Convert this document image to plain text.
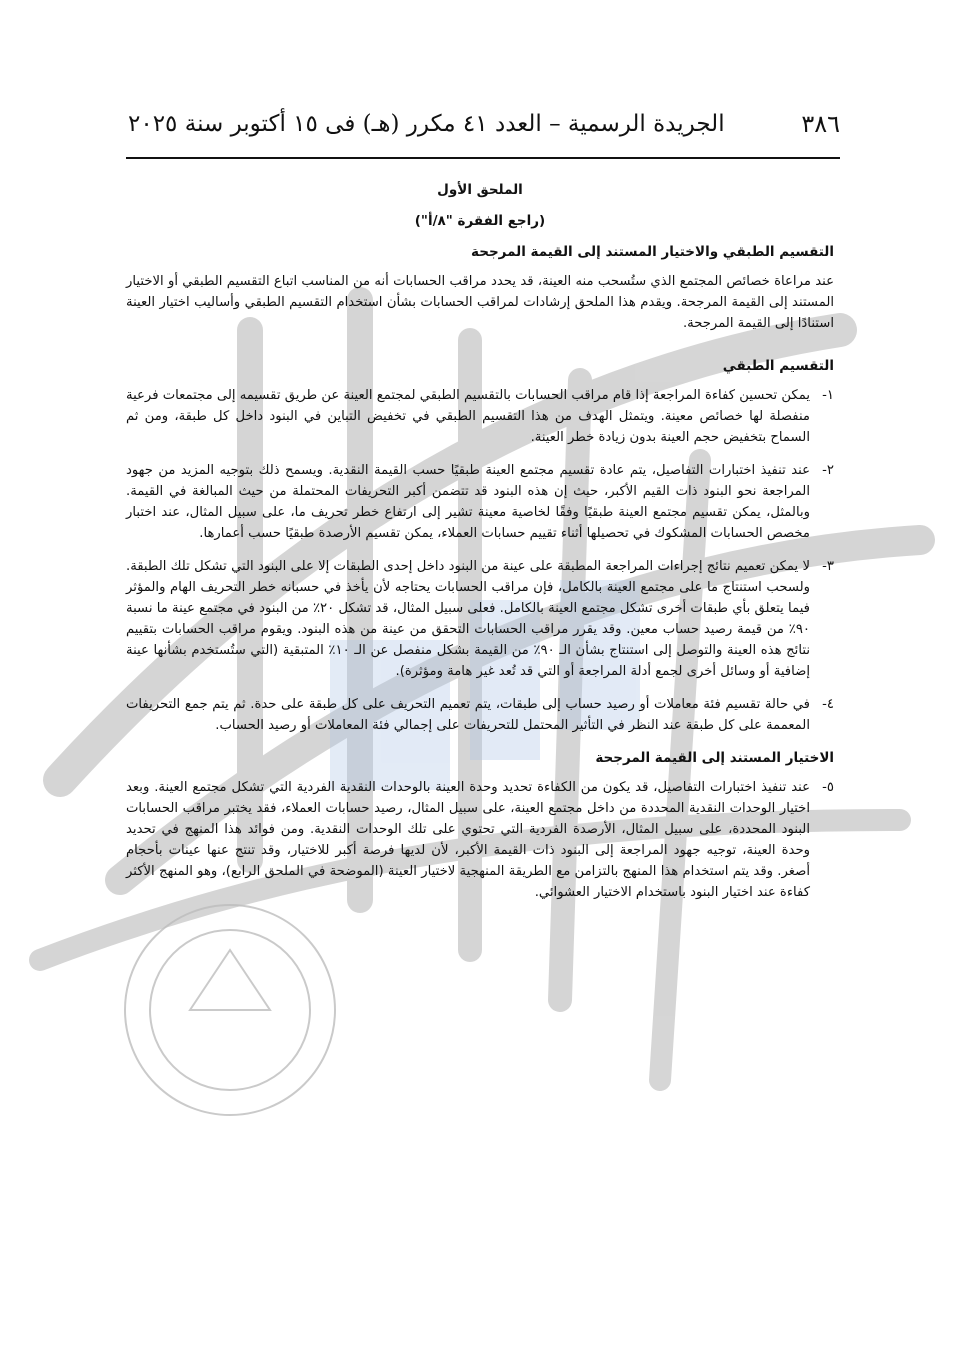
٣٨٦
الجريدة الرسمية – العدد ٤١ مكرر (هـ) فى ١٥ أكتوبر سنة ٢٠٢٥
الملحق الأول
(راجع الفقرة "٨/أ")
التقسيم الطبقي والاختيار المستند إلى القيمة المرجحة

عند مراعاة خصائص المجتمع الذي ستُسحب منه العينة، قد يحدد مراقب الحسابات أنه من المناسب اتباع التقسيم الطبقي أو الاختيار المستند إلى القيمة المرجحة. ويقدم هذا الملحق إرشادات لمراقب الحسابات بشأن استخدام التقسيم الطبقي وأساليب اختيار العينة استنادًا إلى القيمة المرجحة.

التقسيم الطبقي
١-
يمكن تحسين كفاءة المراجعة إذا قام مراقب الحسابات بالتقسيم الطبقي لمجتمع العينة عن طريق تقسيمه إلى مجتمعات فرعية منفصلة لها خصائص معينة. ويتمثل الهدف من هذا التقسيم الطبقي في تخفيض التباين في البنود داخل كل طبقة، ومن ثم السماح بتخفيض حجم العينة بدون زيادة خطر العينة.
٢-
عند تنفيذ اختبارات التفاصيل، يتم عادة تقسيم مجتمع العينة طبقيًا حسب القيمة النقدية. ويسمح ذلك بتوجيه المزيد من جهود المراجعة نحو البنود ذات القيم الأكبر، حيث إن هذه البنود قد تتضمن أكبر التحريفات المحتملة من حيث المبالغة في القيمة. وبالمثل، يمكن تقسيم مجتمع العينة طبقيًا وفقًا لخاصية معينة تشير إلى ارتفاع خطر تحريف ما، على سبيل المثال، عند اختبار مخصص الحسابات المشكوك في تحصيلها أثناء تقييم حسابات العملاء، يمكن تقسيم الأرصدة طبقيًا حسب أعمارها.
٣-
لا يمكن تعميم نتائج إجراءات المراجعة المطبقة على عينة من البنود داخل إحدى الطبقات إلا على البنود التي تشكل تلك الطبقة. ولسحب استنتاج ما على مجتمع العينة بالكامل، فإن مراقب الحسابات يحتاجه لأن يأخذ في حسبانه خطر التحريف الهام والمؤثر فيما يتعلق بأي طبقات أخرى تشكل مجتمع العينة بالكامل. فعلى سبيل المثال، قد تشكل ٢٠٪ من البنود في مجتمع عينة ما نسبة ٩٠٪ من قيمة رصيد حساب معين. وقد يقرر مراقب الحسابات التحقق من عينة من هذه البنود. ويقوم مراقب الحسابات بتقييم نتائج هذه العينة والتوصل إلى استنتاج بشأن الـ ٩٠٪ من القيمة بشكل منفصل عن الـ ١٠٪ المتبقية (التي ستُستخدم بشأنها عينة إضافية أو وسائل أخرى لجمع أدلة المراجعة أو التي قد تُعد غير هامة ومؤثرة).
٤-
في حالة تقسيم فئة معاملات أو رصيد حساب إلى طبقات، يتم تعميم التحريف على كل طبقة على حدة. ثم يتم جمع التحريفات المعممة على كل طبقة عند النظر في التأثير المحتمل للتحريفات على إجمالي فئة المعاملات أو رصيد الحساب.
الاختيار المستند إلى القيمة المرجحة
٥-
عند تنفيذ اختبارات التفاصيل، قد يكون من الكفاءة تحديد وحدة العينة بالوحدات النقدية الفردية التي تشكل مجتمع العينة. وبعد اختيار الوحدات النقدية المحددة من داخل مجتمع العينة، على سبيل المثال، رصيد حسابات العملاء، فقد يختبر مراقب الحسابات البنود المحددة، على سبيل المثال، الأرصدة الفردية التي تحتوي على تلك الوحدات النقدية. ومن فوائد هذا المنهج في تحديد وحدة العينة، توجيه جهود المراجعة إلى البنود ذات القيمة الأكبر، لأن لديها فرصة أكبر للاختيار، وقد تنتج عنها عينات بأحجام أصغر. وقد يتم استخدام هذا المنهج بالتزامن مع الطريقة المنهجية لاختيار العينة (الموضحة في الملحق الرابع)، وهو المنهج الأكثر كفاءة عند اختيار البنود باستخدام الاختيار العشوائي.
